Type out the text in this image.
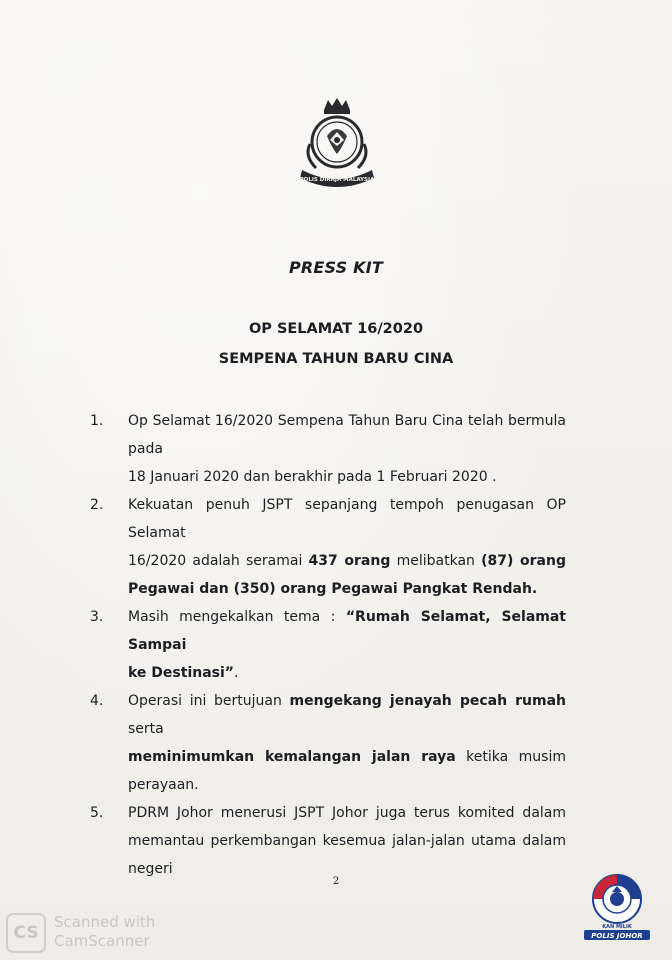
POLIS DIRAJA MALAYSIA
PRESS KIT
OP SELAMAT 16/2020
SEMPENA TAHUN BARU CINA
1.	Op Selamat 16/2020 Sempena Tahun Baru Cina telah bermula pada
18 Januari 2020 dan berakhir pada 1 Februari 2020 .
2.	Kekuatan penuh JSPT sepanjang tempoh penugasan OP Selamat
16/2020 adalah seramai 437 orang melibatkan (87) orang
Pegawai dan (350) orang Pegawai Pangkat Rendah.
3.	Masih mengekalkan tema : “Rumah Selamat, Selamat Sampai
ke Destinasi”.
4.	Operasi ini bertujuan mengekang jenayah pecah rumah serta
meminimumkan kemalangan jalan raya ketika musim
perayaan.
5.	PDRM Johor menerusi JSPT Johor juga terus komited dalam
memantau perkembangan kesemua jalan-jalan utama dalam negeri
2
KAN MILIK
POLIS JOHOR
CS
Scanned with
CamScanner
